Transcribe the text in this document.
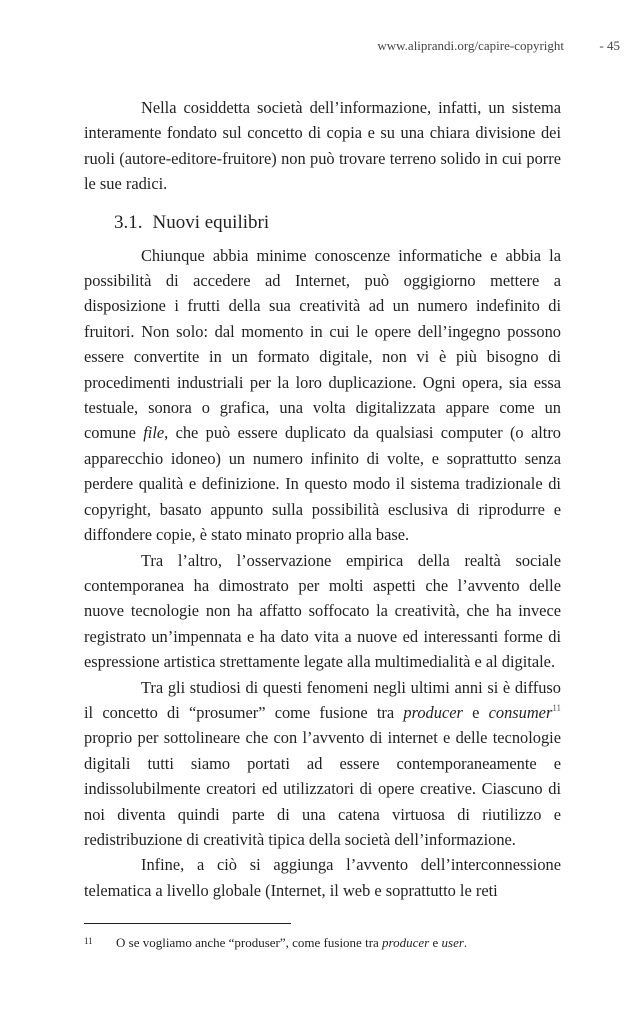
www.aliprandi.org/capire-copyright	- 45

Nella cosiddetta società dell’informazione, infatti, un sistema interamente fondato sul concetto di copia e su una chiara divisione dei ruoli (autore-editore-fruitore) non può trovare terreno solido in cui porre le sue radici.

3.1. Nuovi equilibri

Chiunque abbia minime conoscenze informatiche e abbia la possibilità di accedere ad Internet, può oggigiorno mettere a disposizione i frutti della sua creatività ad un numero indefinito di fruitori. Non solo: dal momento in cui le opere dell’ingegno possono essere convertite in un formato digitale, non vi è più bisogno di procedimenti industriali per la loro duplicazione. Ogni opera, sia essa testuale, sonora o grafica, una volta digitalizzata appare come un comune file, che può essere duplicato da qualsiasi computer (o altro apparecchio idoneo) un numero infinito di volte, e soprattutto senza perdere qualità e definizione. In questo modo il sistema tradizionale di copyright, basato appunto sulla possibilità esclusiva di riprodurre e diffondere copie, è stato minato proprio alla base.

Tra l’altro, l’osservazione empirica della realtà sociale contemporanea ha dimostrato per molti aspetti che l’avvento delle nuove tecnologie non ha affatto soffocato la creatività, che ha invece registrato un’impennata e ha dato vita a nuove ed interessanti forme di espressione artistica strettamente legate alla multimedialità e al digitale.

Tra gli studiosi di questi fenomeni negli ultimi anni si è diffuso il concetto di “prosumer” come fusione tra producer e consumer$^{11}$ proprio per sottolineare che con l’avvento di internet e delle tecnologie digitali tutti siamo portati ad essere contemporaneamente e indissolubilmente creatori ed utilizzatori di opere creative. Ciascuno di noi diventa quindi parte di una catena virtuosa di riutilizzo e redistribuzione di creatività tipica della società dell’informazione.

Infine, a ciò si aggiunga l’avvento dell’interconnessione telematica a livello globale (Internet, il web e soprattutto le reti

11 O se vogliamo anche “produser”, come fusione tra producer e user.
